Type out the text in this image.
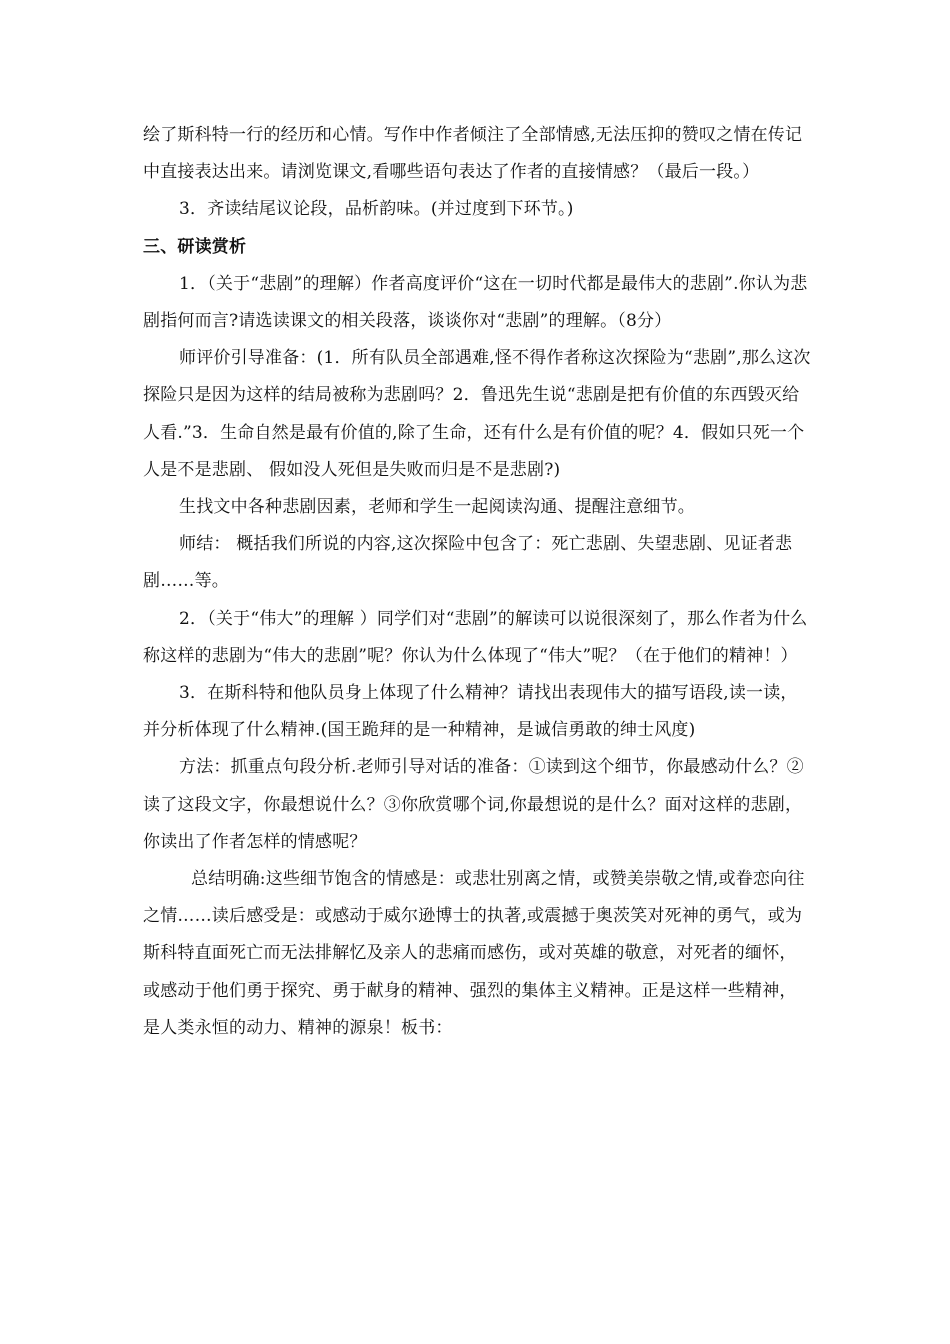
绘了斯科特一行的经历和心情。写作中作者倾注了全部情感,无法压抑的赞叹之情在传记中直接表达出来。请浏览课文,看哪些语句表达了作者的直接情感？（最后一段。）

3．齐读结尾议论段，品析韵味。(并过度到下环节。)

三、研读赏析

1．（关于“悲剧”的理解）作者高度评价“这在一切时代都是最伟大的悲剧”.你认为悲剧指何而言?请选读课文的相关段落，谈谈你对“悲剧”的理解。（8分）

师评价引导准备：(1．所有队员全部遇难,怪不得作者称这次探险为“悲剧”,那么这次探险只是因为这样的结局被称为悲剧吗？2．鲁迅先生说“悲剧是把有价值的东西毁灭给人看.”3．生命自然是最有价值的,除了生命，还有什么是有价值的呢？4．假如只死一个人是不是悲剧、 假如没人死但是失败而归是不是悲剧?)

生找文中各种悲剧因素，老师和学生一起阅读沟通、提醒注意细节。

师结： 概括我们所说的内容,这次探险中包含了：死亡悲剧、失望悲剧、见证者悲剧……等。

2．（关于“伟大”的理解 ）同学们对“悲剧”的解读可以说很深刻了，那么作者为什么称这样的悲剧为“伟大的悲剧”呢？你认为什么体现了“伟大”呢？（在于他们的精神！）

3．在斯科特和他队员身上体现了什么精神？请找出表现伟大的描写语段,读一读，并分析体现了什么精神.(国王跪拜的是一种精神，是诚信勇敢的绅士风度)

方法：抓重点句段分析.老师引导对话的准备：①读到这个细节，你最感动什么？②读了这段文字，你最想说什么？③你欣赏哪个词,你最想说的是什么？面对这样的悲剧，你读出了作者怎样的情感呢？

总结明确:这些细节饱含的情感是：或悲壮别离之情，或赞美崇敬之情,或眷恋向往之情……读后感受是：或感动于威尔逊博士的执著,或震撼于奥茨笑对死神的勇气，或为斯科特直面死亡而无法排解忆及亲人的悲痛而感伤，或对英雄的敬意，对死者的缅怀，或感动于他们勇于探究、勇于献身的精神、强烈的集体主义精神。正是这样一些精神，是人类永恒的动力、精神的源泉！板书：
